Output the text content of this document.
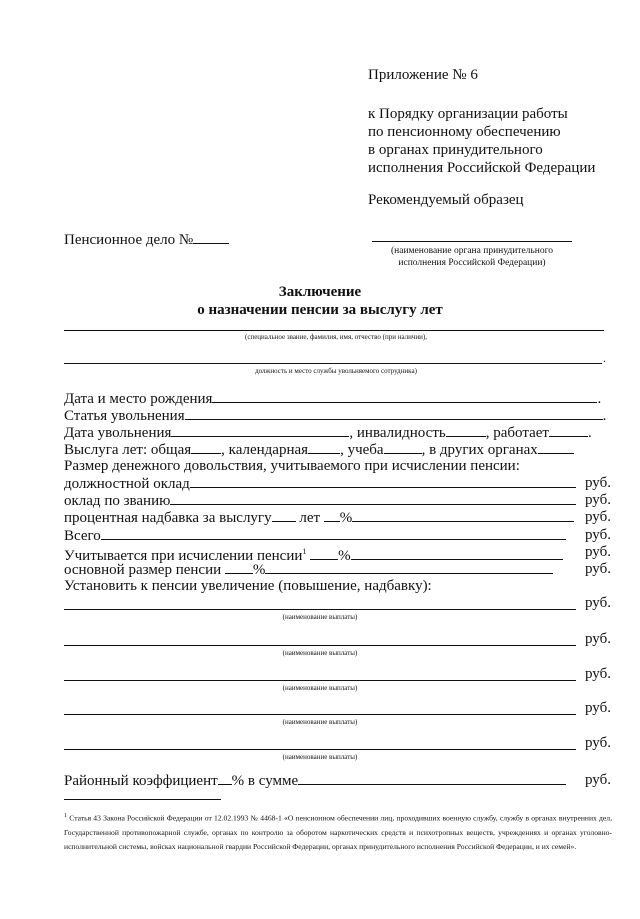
Приложение № 6
к Порядку организации работы
по пенсионному обеспечению
в органах принудительного
исполнения Российской Федерации
Рекомендуемый образец
Пенсионное дело №
(наименование органа принудительного
исполнения Российской Федерации)
Заключение
о назначении пенсии за выслугу лет
(специальное звание, фамилия, имя, отчество (при наличии),
.
должность и место службы увольняемого сотрудника)
Дата и место рождения	.
Статья увольнения	.
Дата увольнения	, инвалидность	, работает	.
Выслуга лет: общая , календарная , учеба	, в других органах
Размер денежного довольствия, учитываемого при исчислении пенсии:
должностной оклад	руб.
оклад по званию	руб.
процентная надбавка за выслугу лет %	руб.
Всего	руб.
Учитывается при исчислении пенсии$^1$ %	руб.
основной размер пенсии %	руб.
Установить к пенсии увеличение (повышение, надбавку):
руб.
(наименование выплаты)
руб.
(наименование выплаты)
руб.
(наименование выплаты)
руб.
(наименование выплаты)
руб.
(наименование выплаты)
Районный коэффициент % в сумме	руб.
$^1$ Статья 43 Закона Российской Федерации от 12.02.1993 № 4468-1 «О пенсионном обеспечении лиц, проходивших военную службу, службу в органах внутренних дел, Государственной противопожарной службе, органах по контролю за оборотом наркотических средств и психотропных веществ, учреждениях и органах уголовно-исполнительной системы, войсках национальной гвардии Российской Федерации, органах принудительного исполнения Российской Федерации, и их семей».
